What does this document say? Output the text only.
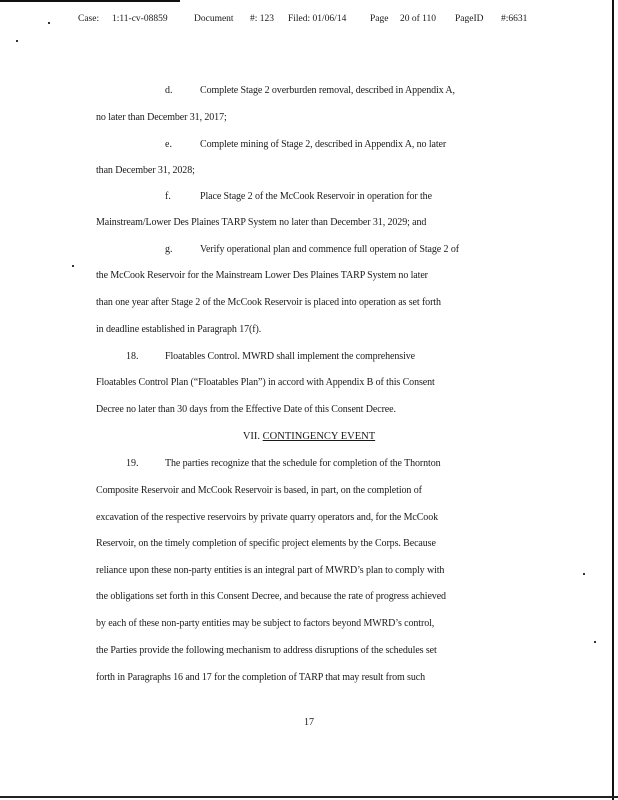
Case: 1:11-cv-08859	Document #: 123 Filed: 01/06/14 Page 20 of 110 PageID #:6631
d.	Complete Stage 2 overburden removal, described in Appendix A,
no later than December 31, 2017;
e.	Complete mining of Stage 2, described in Appendix A, no later
than December 31, 2028;
f.	Place Stage 2 of the McCook Reservoir in operation for the
Mainstream/Lower Des Plaines TARP System no later than December 31, 2029; and
g.	Verify operational plan and commence full operation of Stage 2 of
the McCook Reservoir for the Mainstream Lower Des Plaines TARP System no later
than one year after Stage 2 of the McCook Reservoir is placed into operation as set forth
in deadline established in Paragraph 17(f).
18.	Floatables Control. MWRD shall implement the comprehensive
Floatables Control Plan (“Floatables Plan”) in accord with Appendix B of this Consent
Decree no later than 30 days from the Effective Date of this Consent Decree.
VII. CONTINGENCY EVENT
19.	The parties recognize that the schedule for completion of the Thornton
Composite Reservoir and McCook Reservoir is based, in part, on the completion of
excavation of the respective reservoirs by private quarry operators and, for the McCook
Reservoir, on the timely completion of specific project elements by the Corps. Because
reliance upon these non-party entities is an integral part of MWRD’s plan to comply with
the obligations set forth in this Consent Decree, and because the rate of progress achieved
by each of these non-party entities may be subject to factors beyond MWRD’s control,
the Parties provide the following mechanism to address disruptions of the schedules set
forth in Paragraphs 16 and 17 for the completion of TARP that may result from such
17
